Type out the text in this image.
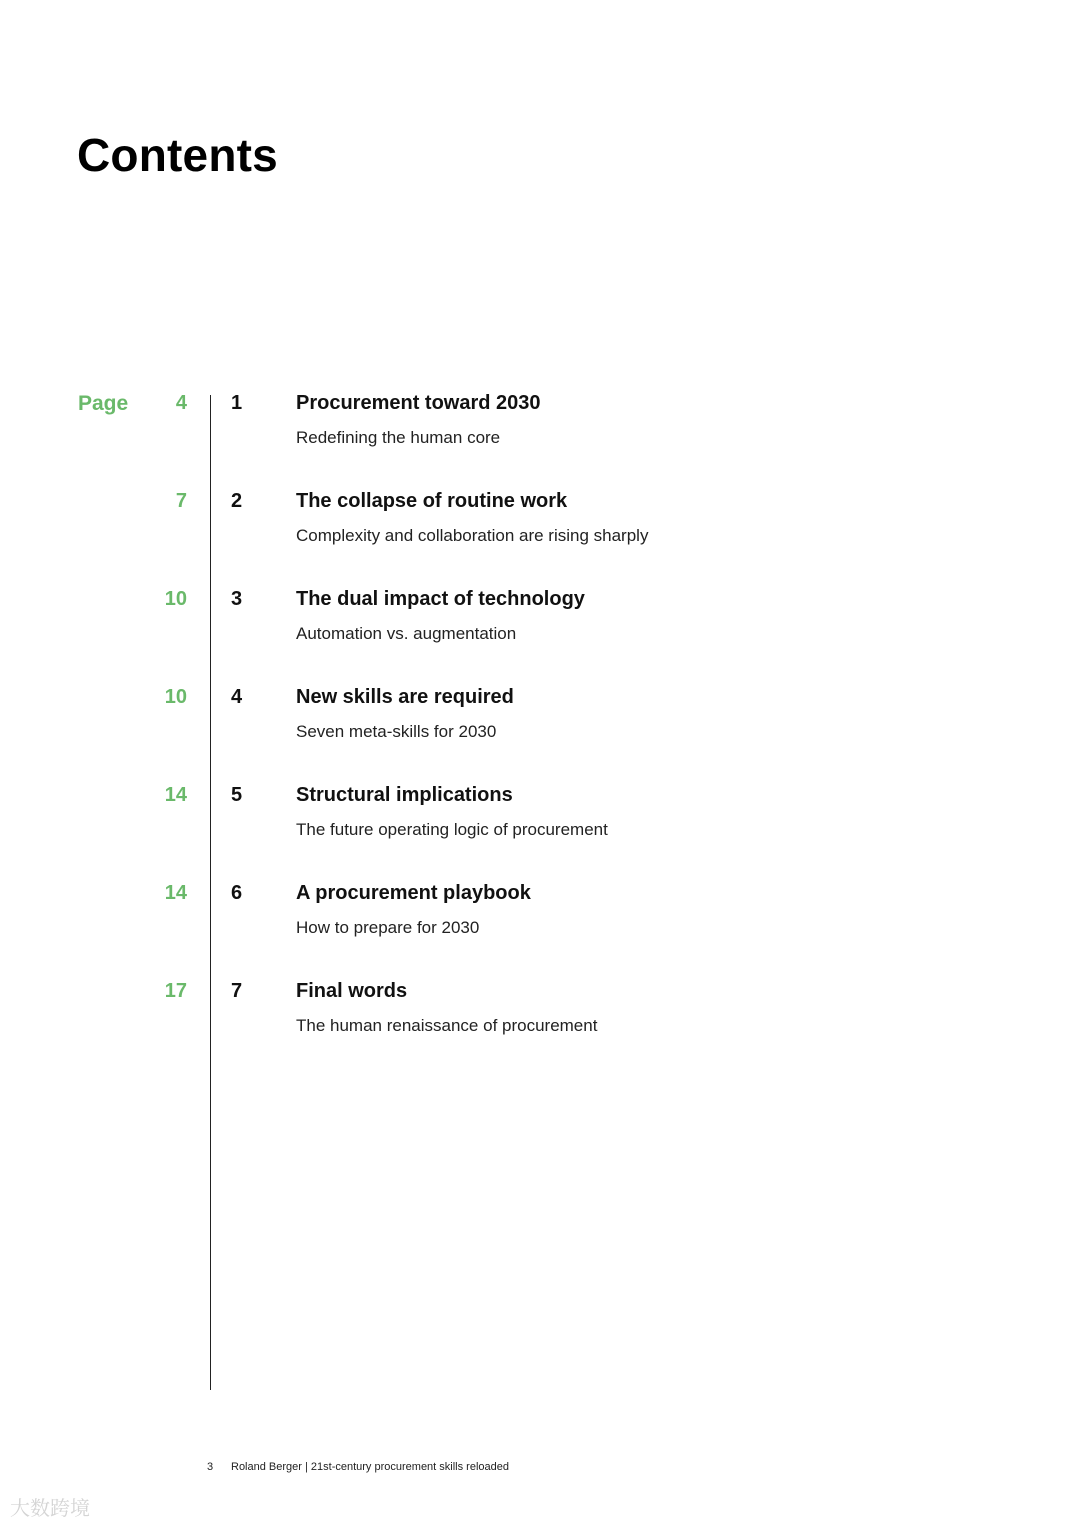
Contents
Page 4 1	Procurement toward 2030
Redefining the human core
7 2	The collapse of routine work
Complexity and collaboration are rising sharply
10 3	The dual impact of technology
Automation vs. augmentation
10 4	New skills are required
Seven meta-skills for 2030
14 5	Structural implications
The future operating logic of procurement
14 6	A procurement playbook
How to prepare for 2030
17 7	Final words
The human renaissance of procurement
3 Roland Berger | 21st-century procurement skills reloaded
大数跨境
